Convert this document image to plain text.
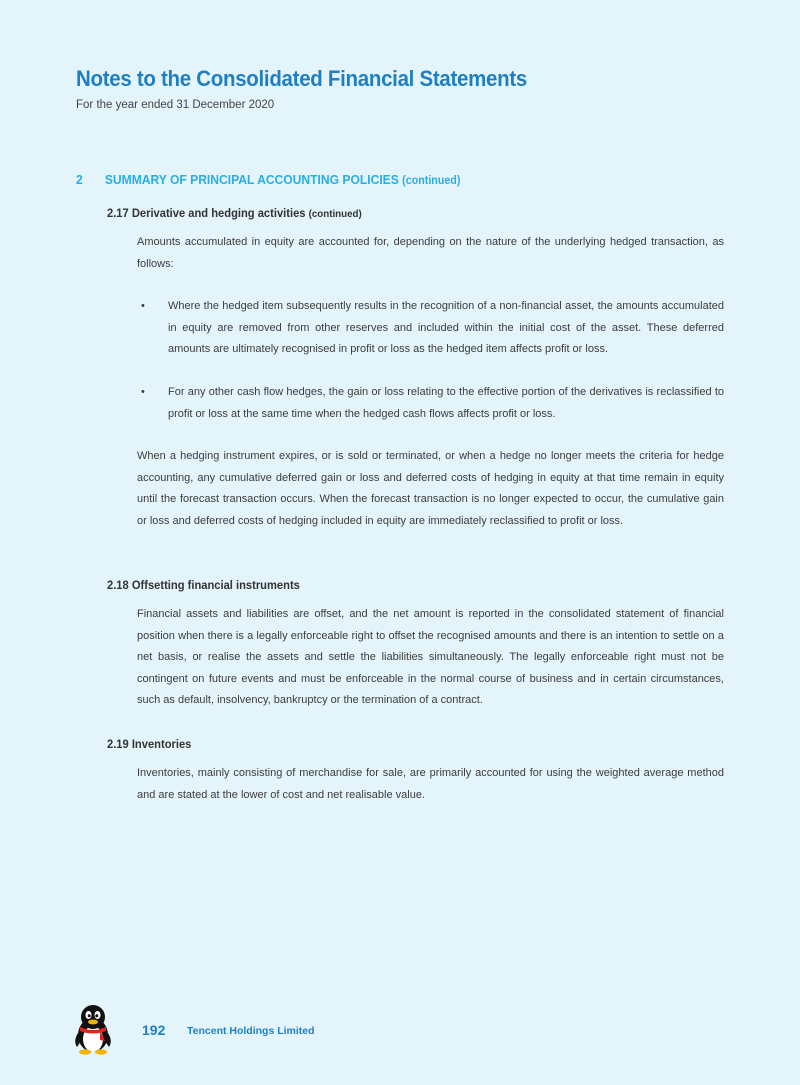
Notes to the Consolidated Financial Statements
For the year ended 31 December 2020
2 SUMMARY OF PRINCIPAL ACCOUNTING POLICIES (continued)
2.17 Derivative and hedging activities (continued)

Amounts accumulated in equity are accounted for, depending on the nature of the underlying hedged transaction, as follows:

• Where the hedged item subsequently results in the recognition of a non-financial asset, the amounts accumulated in equity are removed from other reserves and included within the initial cost of the asset. These deferred amounts are ultimately recognised in profit or loss as the hedged item affects profit or loss.
• For any other cash flow hedges, the gain or loss relating to the effective portion of the derivatives is reclassified to profit or loss at the same time when the hedged cash flows affects profit or loss.

When a hedging instrument expires, or is sold or terminated, or when a hedge no longer meets the criteria for hedge accounting, any cumulative deferred gain or loss and deferred costs of hedging in equity at that time remain in equity until the forecast transaction occurs. When the forecast transaction is no longer expected to occur, the cumulative gain or loss and deferred costs of hedging included in equity are immediately reclassified to profit or loss.

2.18 Offsetting financial instruments

Financial assets and liabilities are offset, and the net amount is reported in the consolidated statement of financial position when there is a legally enforceable right to offset the recognised amounts and there is an intention to settle on a net basis, or realise the assets and settle the liabilities simultaneously. The legally enforceable right must not be contingent on future events and must be enforceable in the normal course of business and in certain circumstances, such as default, insolvency, bankruptcy or the termination of a contract.

2.19 Inventories

Inventories, mainly consisting of merchandise for sale, are primarily accounted for using the weighted average method and are stated at the lower of cost and net realisable value.

192 Tencent Holdings Limited
